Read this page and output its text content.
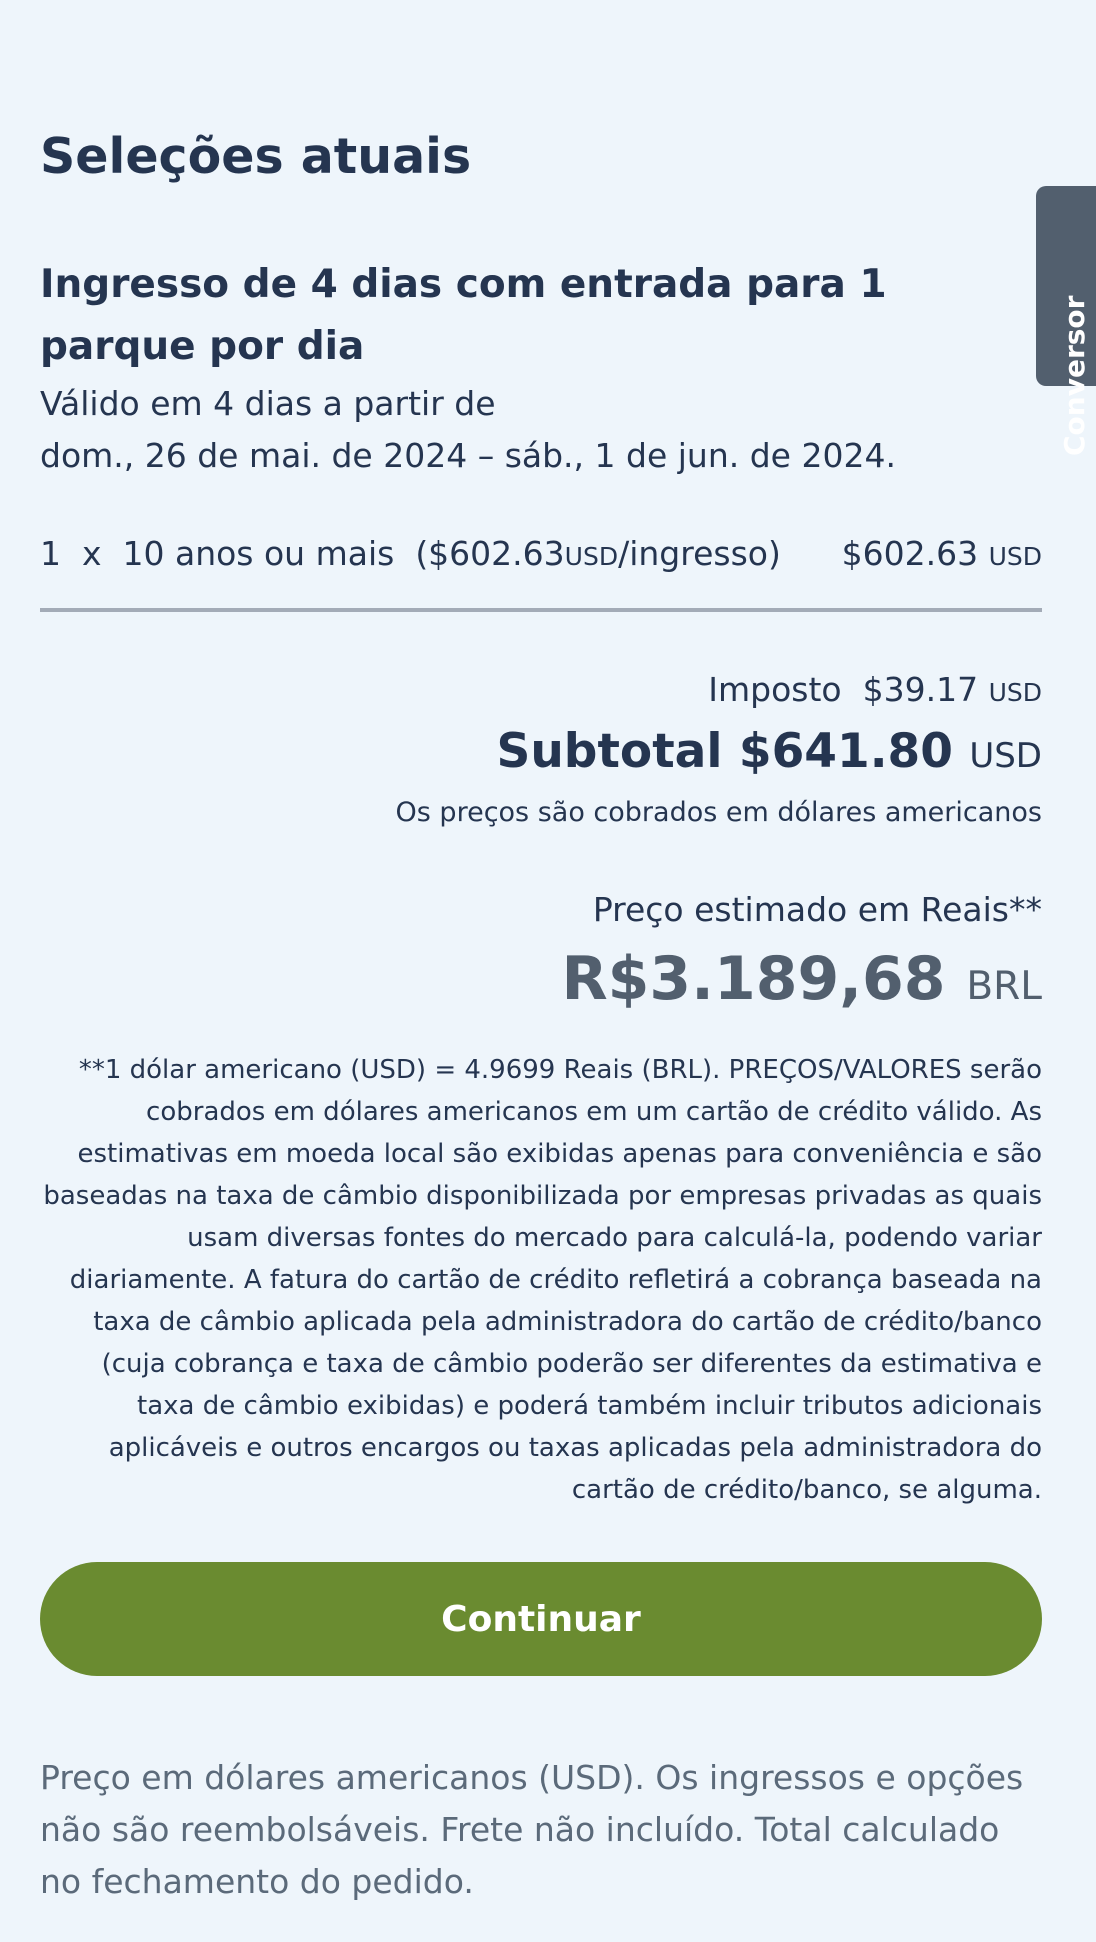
Seleções atuais
Ingresso de 4 dias com entrada para 1 parque por dia
Válido em 4 dias a partir de
dom., 26 de mai. de 2024 – sáb., 1 de jun. de 2024.
1 x 10 anos ou mais ($602.63USD/ingresso) $602.63 USD
Imposto $39.17 USD
Subtotal $641.80 USD
Os preços são cobrados em dólares americanos
Preço estimado em Reais**
R$3.189,68 BRL
**1 dólar americano (USD) = 4.9699 Reais (BRL). PREÇOS/VALORES serão cobrados em dólares americanos em um cartão de crédito válido. As estimativas em moeda local são exibidas apenas para conveniência e são baseadas na taxa de câmbio disponibilizada por empresas privadas as quais usam diversas fontes do mercado para calculá-la, podendo variar diariamente. A fatura do cartão de crédito refletirá a cobrança baseada na taxa de câmbio aplicada pela administradora do cartão de crédito/banco (cuja cobrança e taxa de câmbio poderão ser diferentes da estimativa e taxa de câmbio exibidas) e poderá também incluir tributos adicionais aplicáveis e outros encargos ou taxas aplicadas pela administradora do cartão de crédito/banco, se alguma.
Continuar
Preço em dólares americanos (USD). Os ingressos e opções não são reembolsáveis. Frete não incluído. Total calculado no fechamento do pedido.
Conversor
